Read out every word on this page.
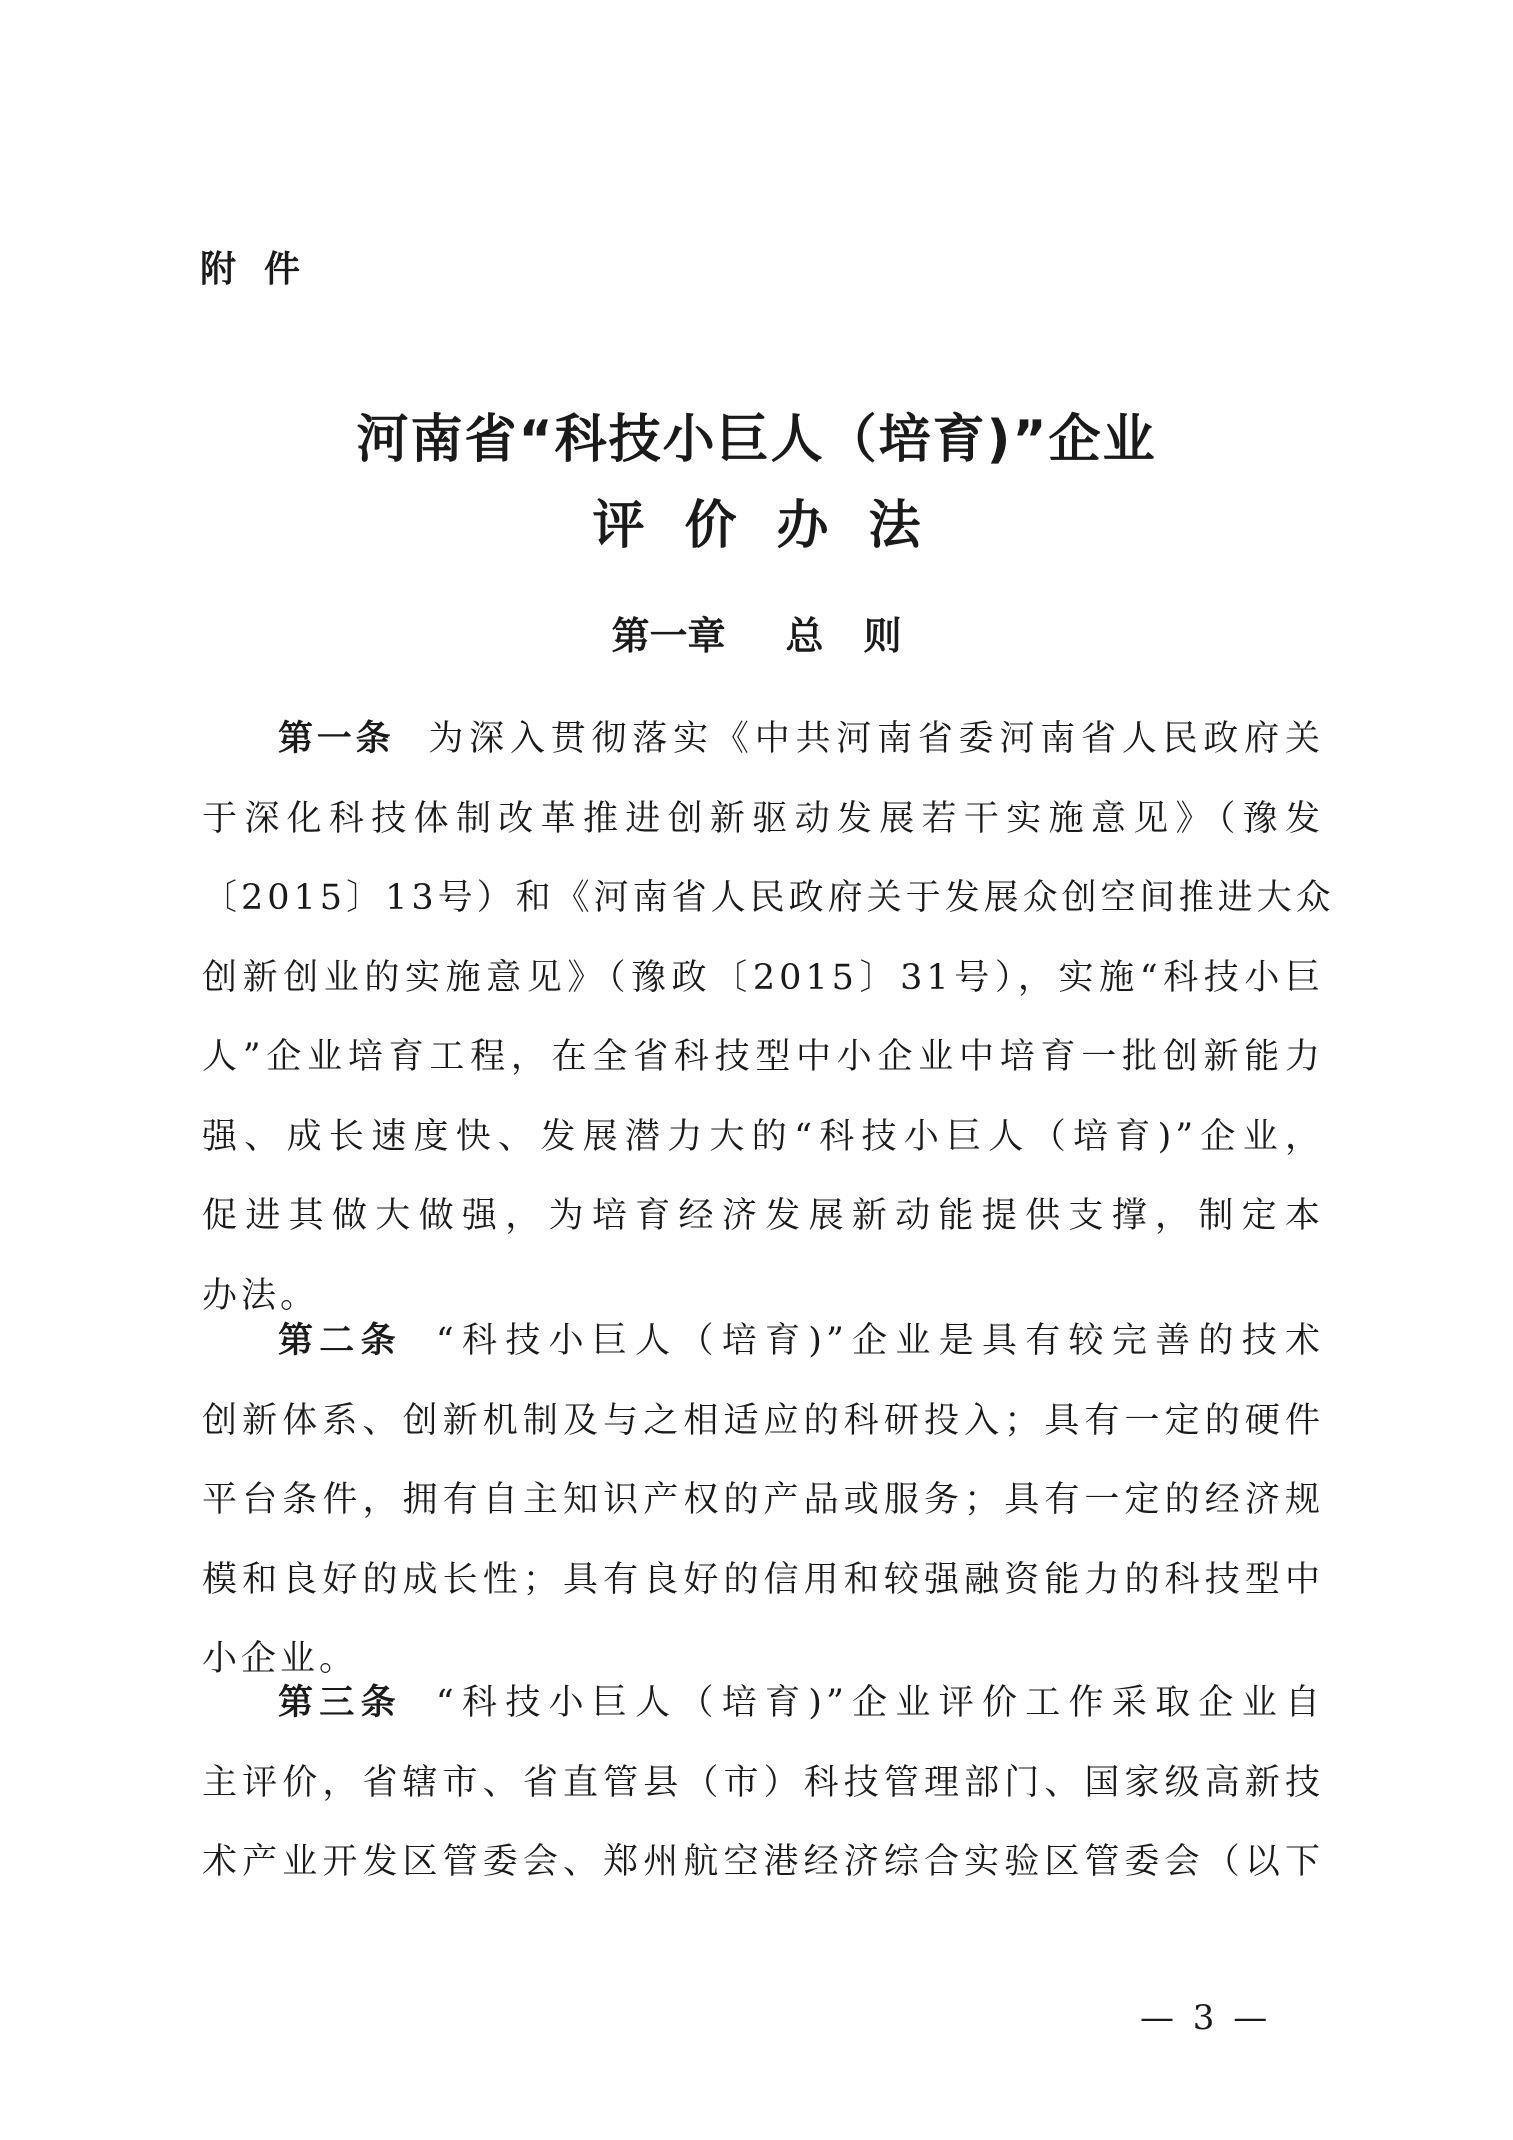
附件
河南省“科技小巨人（培育)”企业
评价办法
第一章 总则
第一条 为深入贯彻落实《中共河南省委河南省人民政府关
于深化科技体制改革推进创新驱动发展若干实施意见》（豫发
〔2015〕13号）和《河南省人民政府关于发展众创空间推进大众
创新创业的实施意见》（豫政〔2015〕31号），实施“科技小巨
人”企业培育工程，在全省科技型中小企业中培育一批创新能力
强、成长速度快、发展潜力大的“科技小巨人（培育)”企业，
促进其做大做强，为培育经济发展新动能提供支撑，制定本
办法。
第二条 “科技小巨人（培育)”企业是具有较完善的技术
创新体系、创新机制及与之相适应的科研投入；具有一定的硬件
平台条件，拥有自主知识产权的产品或服务；具有一定的经济规
模和良好的成长性；具有良好的信用和较强融资能力的科技型中
小企业。
第三条 “科技小巨人（培育)”企业评价工作采取企业自
主评价，省辖市、省直管县（市）科技管理部门、国家级高新技
术产业开发区管委会、郑州航空港经济综合实验区管委会（以下
— 3 —
